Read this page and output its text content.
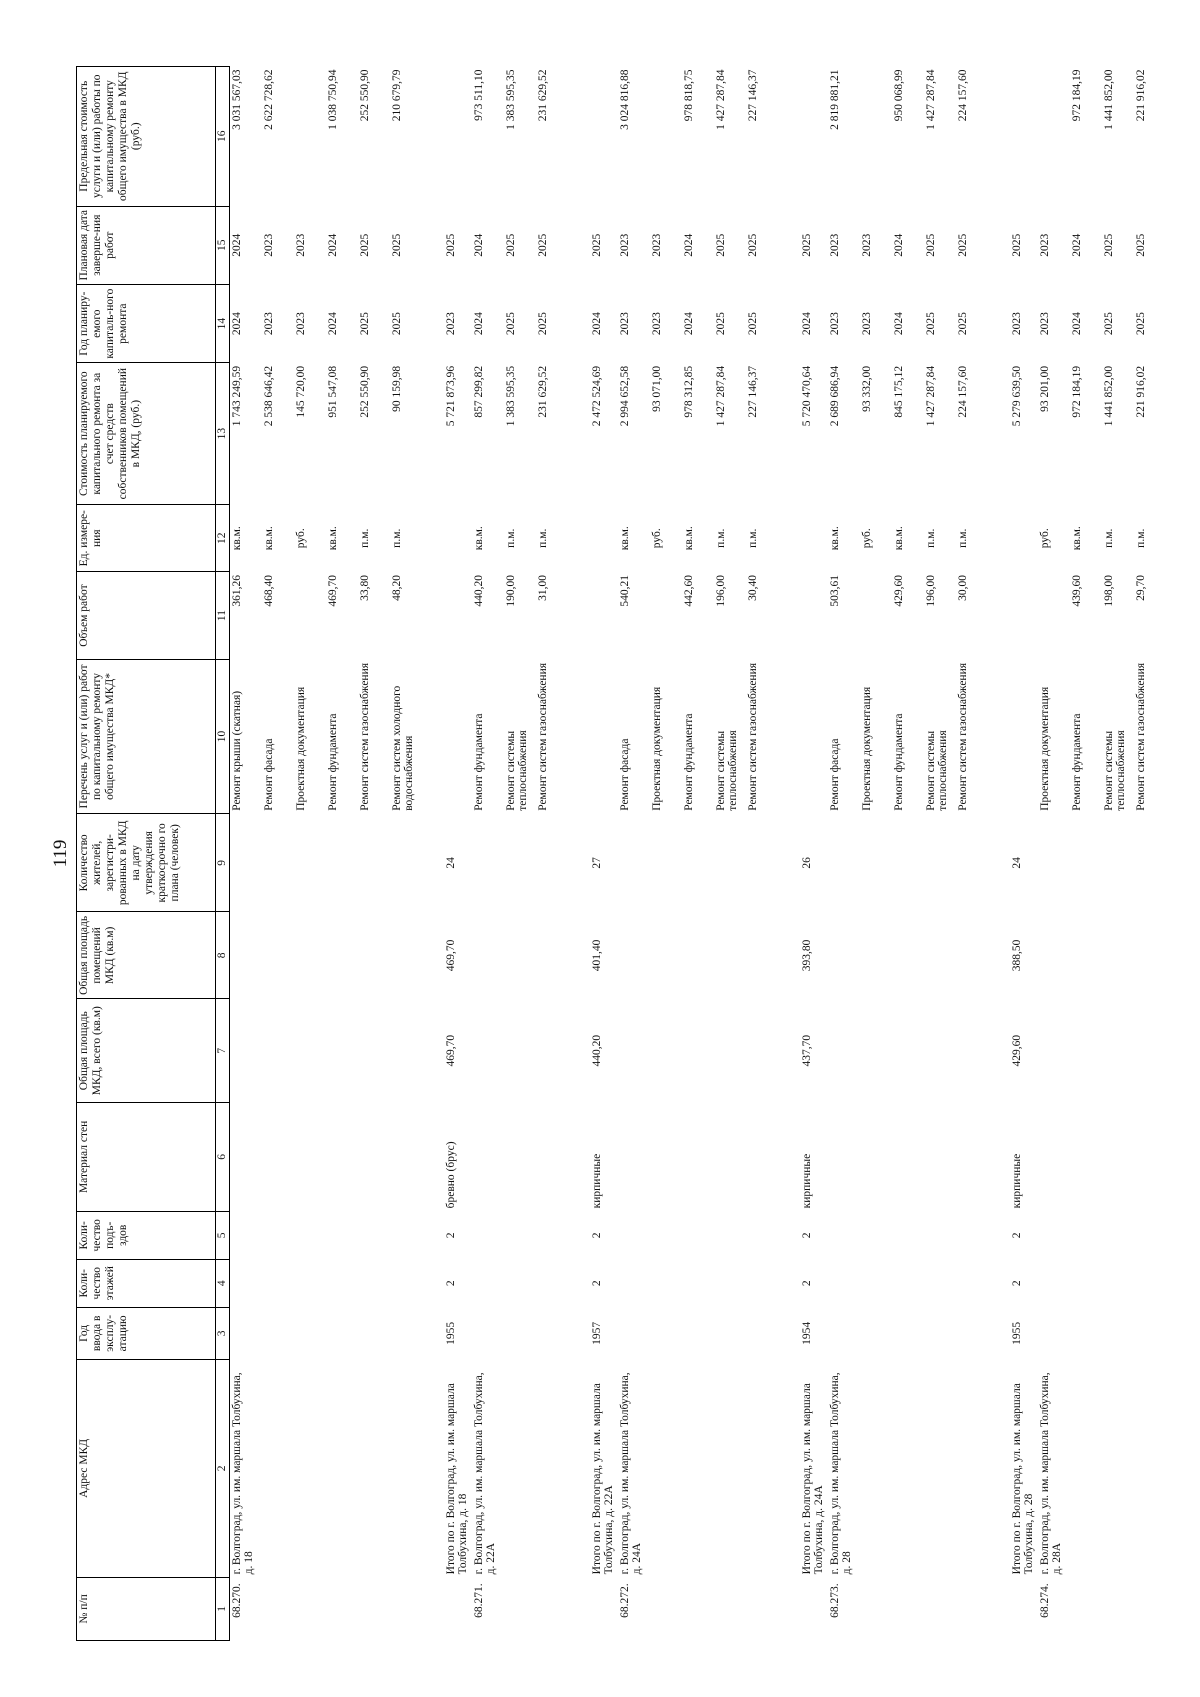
119
№ п/п	Адрес МКД	Год ввода в эксплу-атацию	Коли-чество этажей	Коли-чество подъ-здов	Материал стен	Общая площадь МКД, всего (кв.м)	Общая площадь помещений МКД (кв.м)	Количество жителей, зарегистри-рованных в МКД на дату утверждения краткосрочно го плана (человек)	Перечень услуг и (или) работ по капитальному ремонту общего имущества МКД*	Объем работ	Ед. измере-ния	Стоимость планируемого капитального ремонта за счет средств собственников помещений в МКД, (руб.)	Год планиру-емого капиталь-ного ремонта	Плановая дата заверше-ния работ	Предельная стоимость услуги и (или) работы по капитальному ремонту общего имущества в МКД (руб.)
1	2	3	4	5	6	7	8	9	10	11	12	13	14	15	16
68.270.	г. Волгоград, ул. им. маршала Толбухина, д. 18								Ремонт крыши (скатная)	361,26	кв.м.	1 743 249,59	2024	2024	3 031 567,03
									Ремонт фасада	468,40	кв.м.	2 538 646,42	2023	2023	2 622 728,62
									Проектная документация		руб.	145 720,00	2023	2023	
									Ремонт фундамента	469,70	кв.м.	951 547,08	2024	2024	1 038 750,94
									Ремонт систем газоснабжения	33,80	п.м.	252 550,90	2025	2025	252 550,90
									Ремонт систем холодного водоснабжения	48,20	п.м.	90 159,98	2025	2025	210 679,79

	Итого по г. Волгоград, ул. им. маршала Толбухина, д. 18	1955	2	2	бревно (брус)	469,70	469,70	24				5 721 873,96	2023	2025	
68.271.	г. Волгоград, ул. им. маршала Толбухина, д. 22А								Ремонт фундамента	440,20	кв.м.	857 299,82	2024	2024	973 511,10
									Ремонт системы теплоснабжения	190,00	п.м.	1 383 595,35	2025	2025	1 383 595,35
									Ремонт систем газоснабжения	31,00	п.м.	231 629,52	2025	2025	231 629,52

	Итого по г. Волгоград, ул. им. маршала Толбухина, д. 22А	1957	2	2	кирпичные	440,20	401,40	27				2 472 524,69	2024	2025	
68.272.	г. Волгоград, ул. им. маршала Толбухина, д. 24А								Ремонт фасада	540,21	кв.м.	2 994 652,58	2023	2023	3 024 816,88
									Проектная документация		руб.	93 071,00	2023	2023	
									Ремонт фундамента	442,60	кв.м.	978 312,85	2024	2024	978 818,75
									Ремонт системы теплоснабжения	196,00	п.м.	1 427 287,84	2025	2025	1 427 287,84
									Ремонт систем газоснабжения	30,40	п.м.	227 146,37	2025	2025	227 146,37

	Итого по г. Волгоград, ул. им. маршала Толбухина, д. 24А	1954	2	2	кирпичные	437,70	393,80	26				5 720 470,64	2024	2025	
68.273.	г. Волгоград, ул. им. маршала Толбухина, д. 28								Ремонт фасада	503,61	кв.м.	2 689 686,94	2023	2023	2 819 881,21
									Проектная документация		руб.	93 332,00	2023	2023	
									Ремонт фундамента	429,60	кв.м.	845 175,12	2024	2024	950 068,99
									Ремонт системы теплоснабжения	196,00	п.м.	1 427 287,84	2025	2025	1 427 287,84
									Ремонт систем газоснабжения	30,00	п.м.	224 157,60	2025	2025	224 157,60

	Итого по г. Волгоград, ул. им. маршала Толбухина, д. 28	1955	2	2	кирпичные	429,60	388,50	24				5 279 639,50	2023	2025	
68.274.	г. Волгоград, ул. им. маршала Толбухина, д. 28А								Проектная документация		руб.	93 201,00	2023	2023	
									Ремонт фундамента	439,60	кв.м.	972 184,19	2024	2024	972 184,19
									Ремонт системы теплоснабжения	198,00	п.м.	1 441 852,00	2025	2025	1 441 852,00
									Ремонт систем газоснабжения	29,70	п.м.	221 916,02	2025	2025	221 916,02
